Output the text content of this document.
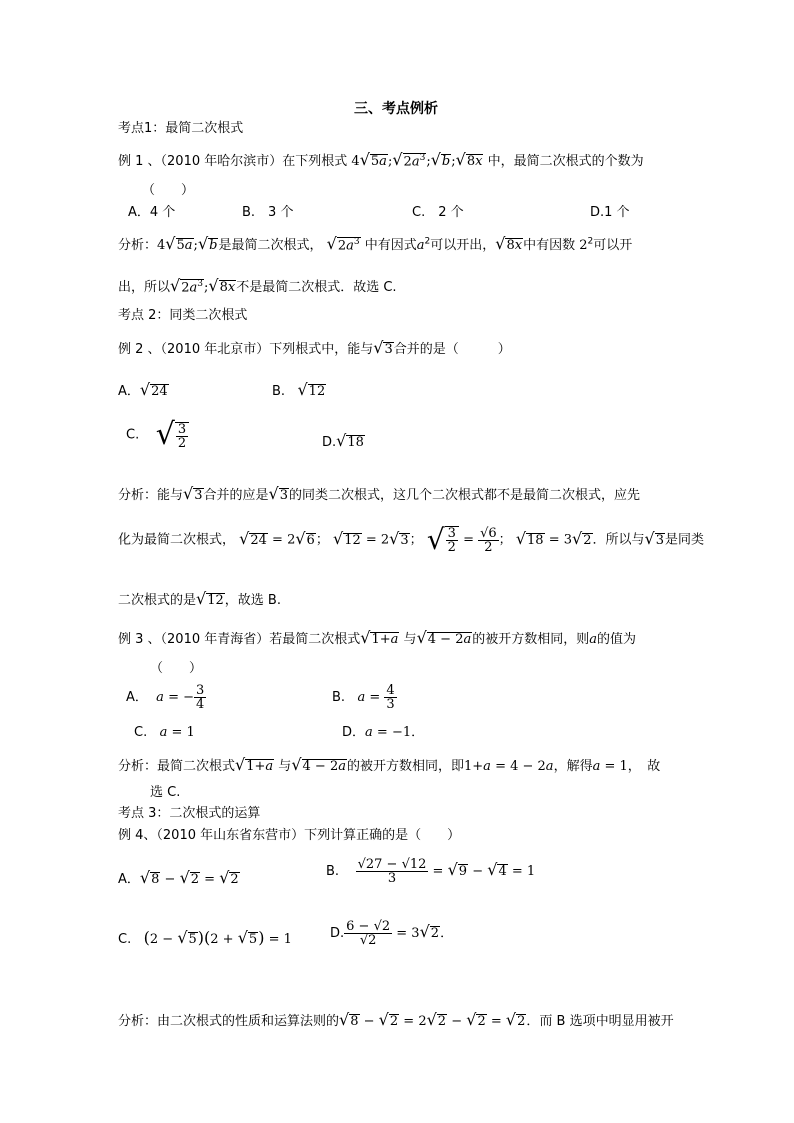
三、考点例析
考点1：最简二次根式
例 1 、（2010 年哈尔滨市）在下列根式 4 √ 5a ; √ $2a^3$ ; √ b ; √ 8x 中，最简二次根式的个数为
（　　）
A．4 个	B.　3 个	C.　2 个	D.1 个
分析：4 √ 5a ; √ b 是最简二次根式， √ $2a^3$ 中有因式$a^2$可以开出， √ 8x 中有因数 $2^2$可以开
出，所以 √ $2a^3$ ; √ 8x 不是最简二次根式．故选 C.
考点 2：同类二次根式
例 2 、（2010 年北京市）下列根式中，能与 √ 3 合并的是（　　　）
A． √ 24	B. √ 12
C. √ $\frac{3}{2}$	D. √ 18
分析：能与 √ 3 合并的应是 √ 3 的同类二次根式，这几个二次根式都不是最简二次根式，应先
化为最简二次根式， √ 24 = 2 √ 6 ； √ 12 = 2 √ 3 ； √ $\frac{3}{2} = \frac{√6}{2}$ ； √ 18 = 3 √ 2 ．所以与 √ 3 是同类
二次根式的是 √ 12 ，故选 B.
例 3 、（2010 年青海省）若最简二次根式 √ 1+a 与 √ 4 − 2a 的被开方数相同，则a的值为
（　　）
A． a = − $\frac{3}{4}$	B. $a = \frac{4}{3}$
C. a = 1	D．a = −1．
分析：最简二次根式 √ 1+a 与 √ 4 − 2a 的被开方数相同，即1+a = 4 − 2a，解得a = 1，　故
选 C.
考点 3：二次根式的运算
例 4、（2010 年山东省东营市）下列计算正确的是（　　）
A． √ 8 − √ 2 = √ 2
B. $\frac{√27 - √12}{3}$ = √ 9 − √ 4 = 1
C. (2 − √ 5 )(2 + √ 5 ) = 1	D. $\frac{6 - √2}{√2} = 3$ √ 2 ．
分析：由二次根式的性质和运算法则的 √ 8 − √ 2 = 2 √ 2 − √ 2 = √ 2 ．而 B 选项中明显用被开
